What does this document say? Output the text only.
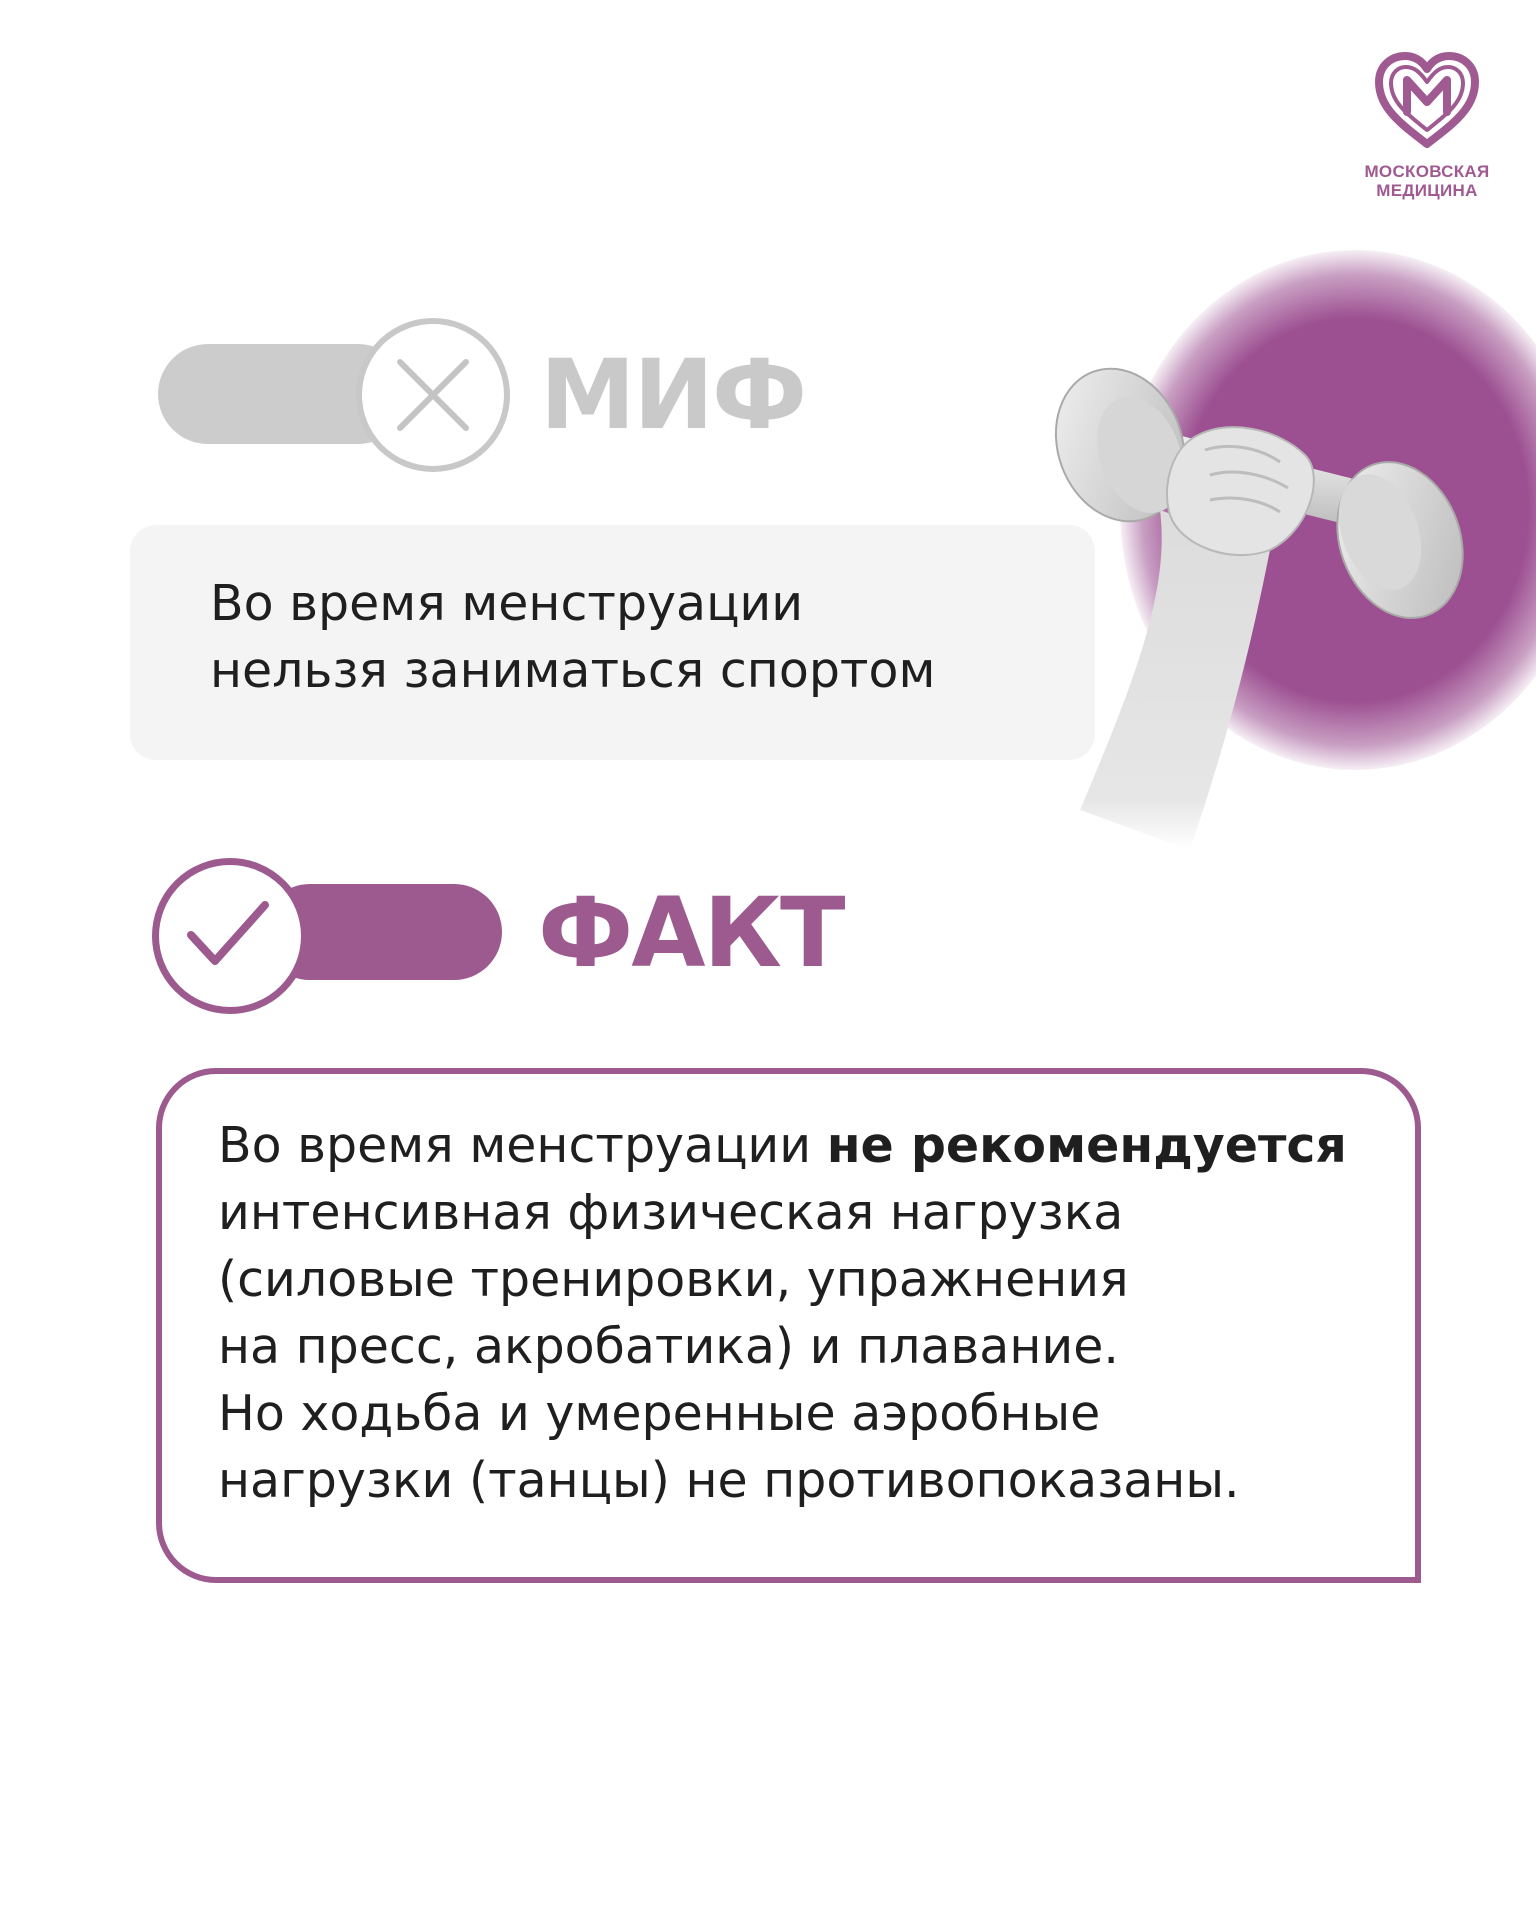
МОСКОВСКАЯ
МЕДИЦИНА
МИФ
Во время менструации
нельзя заниматься спортом
ФАКТ
Во время менструации не рекомендуется
интенсивная физическая нагрузка
(силовые тренировки, упражнения
на пресс, акробатика) и плавание.
Но ходьба и умеренные аэробные
нагрузки (танцы) не противопоказаны.
